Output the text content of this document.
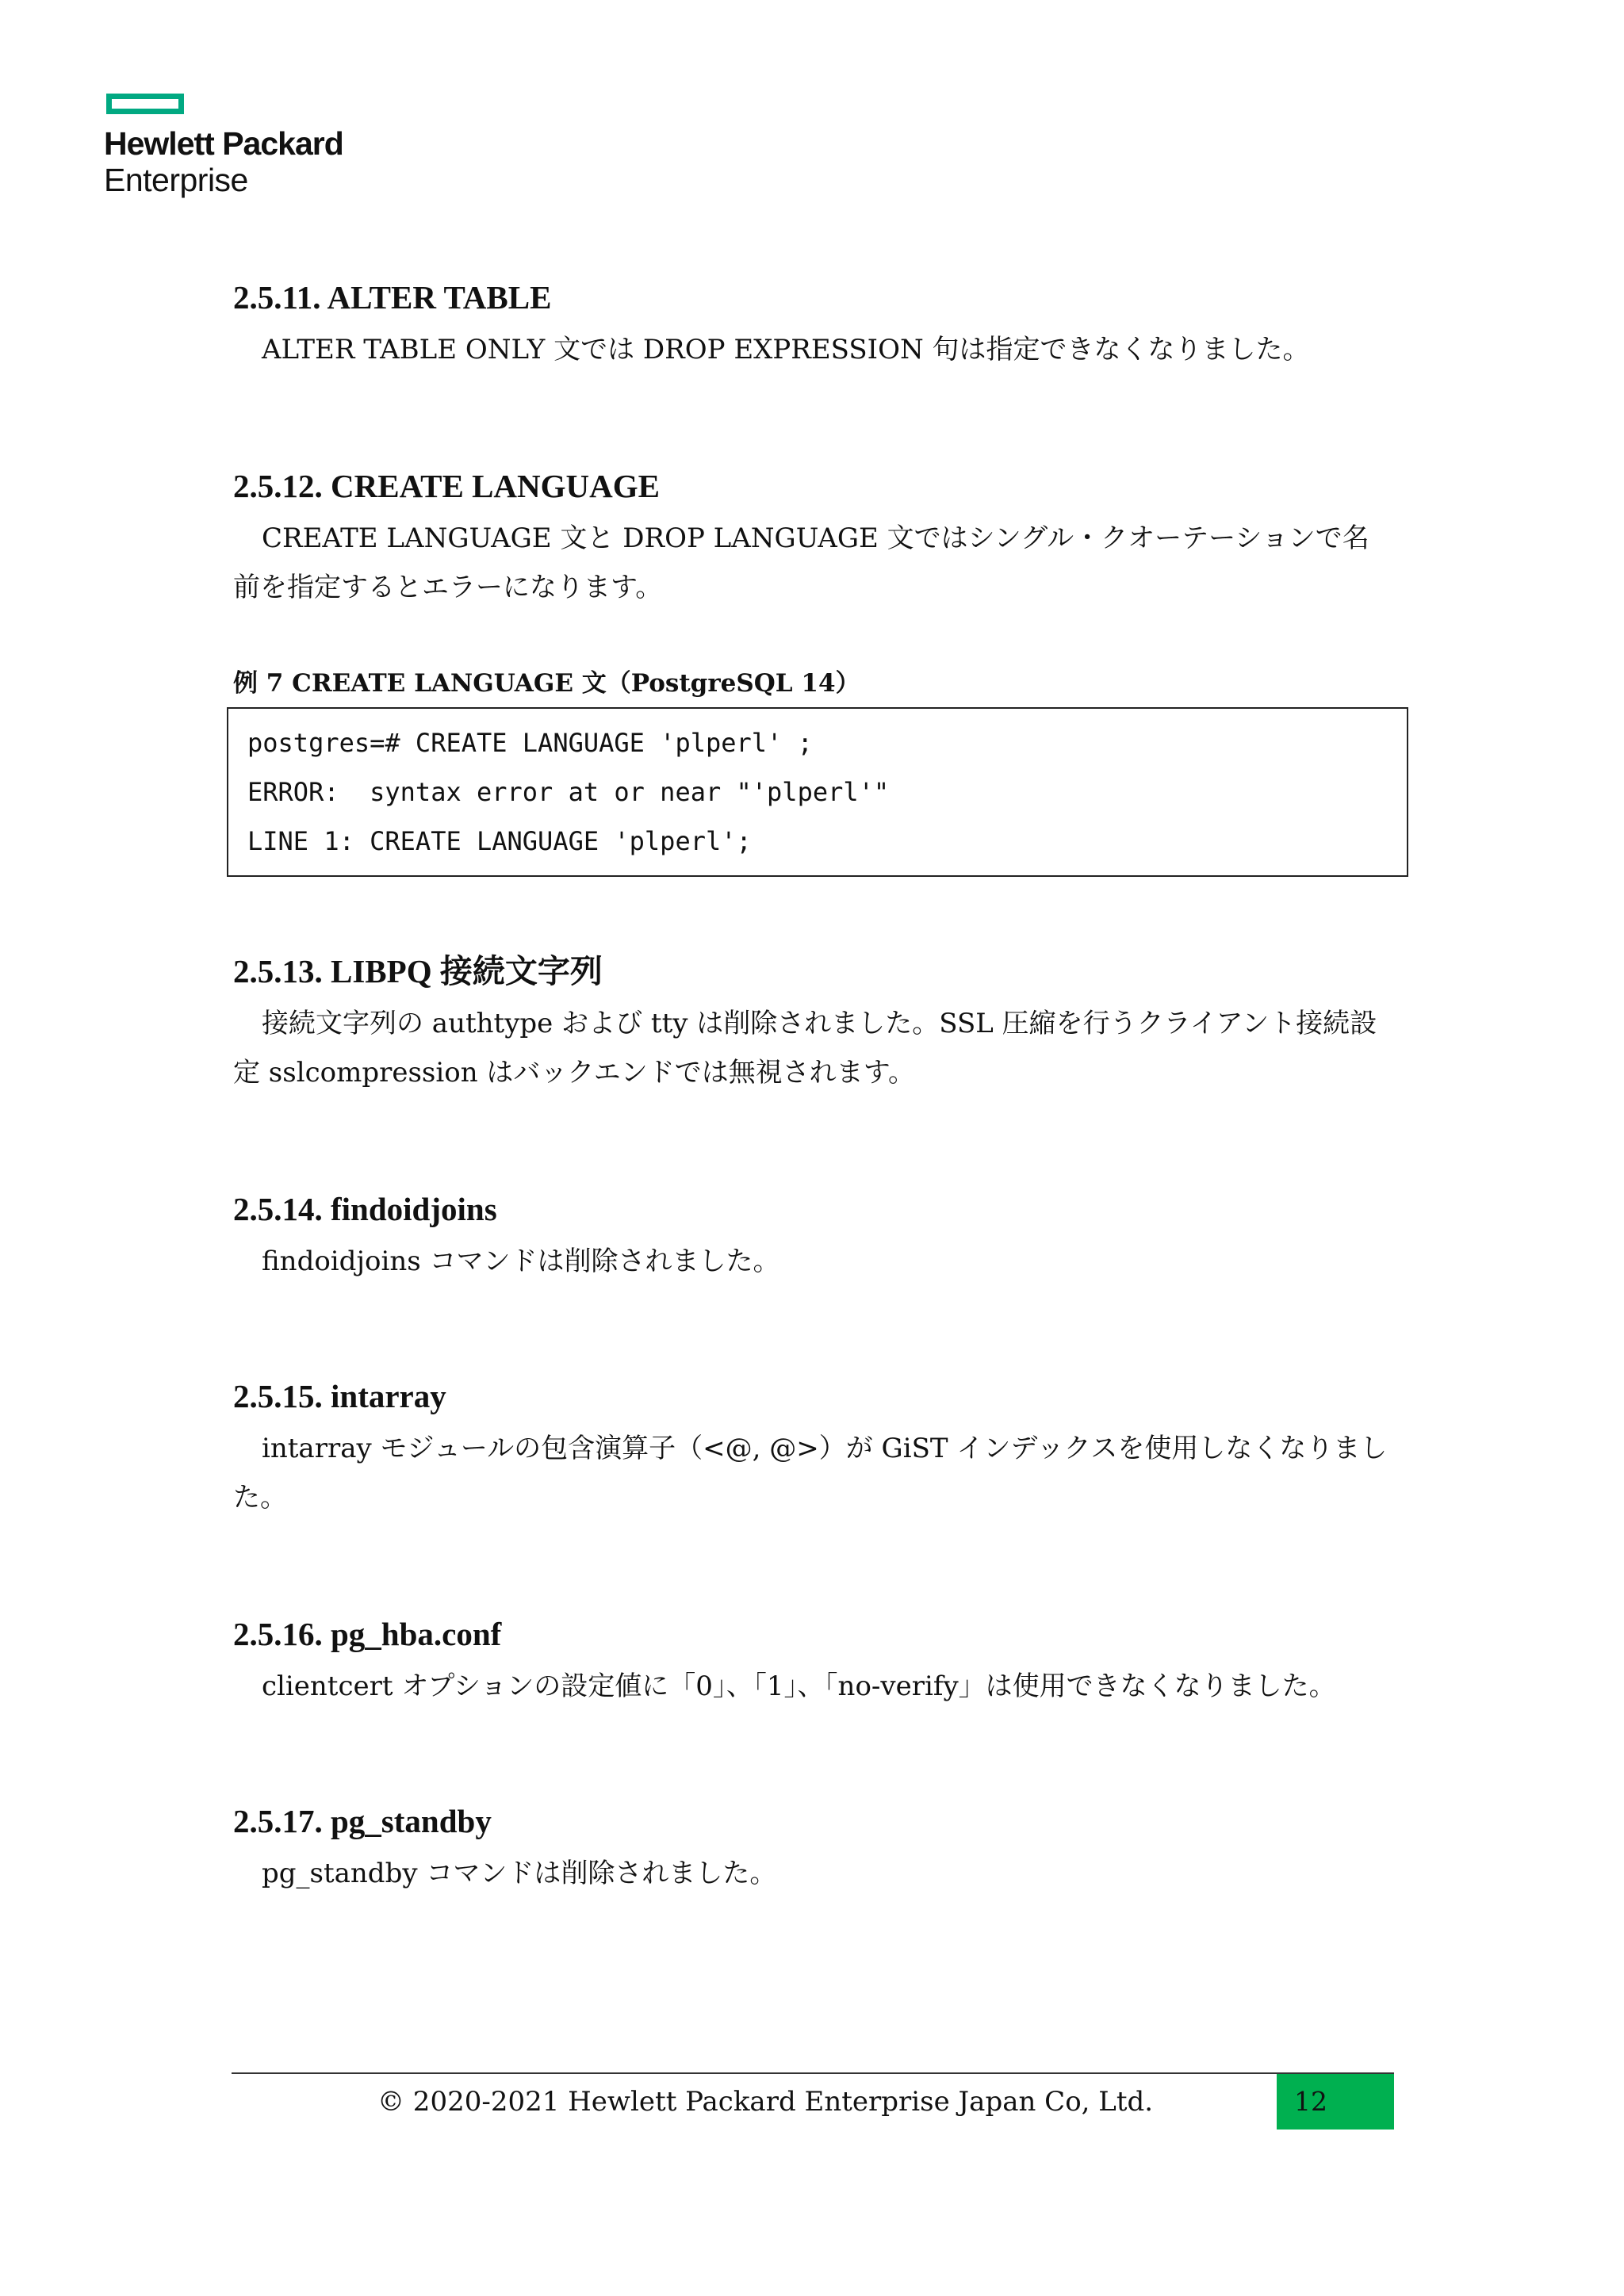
Hewlett Packard
Enterprise
2.5.11. ALTER TABLE

ALTER TABLE ONLY 文では DROP EXPRESSION 句は指定できなくなりました。

2.5.12. CREATE LANGUAGE

CREATE LANGUAGE 文と DROP LANGUAGE 文ではシングル・クオーテーションで名前を指定するとエラーになります。

例 7 CREATE LANGUAGE 文（PostgreSQL 14）
postgres=# CREATE LANGUAGE 'plperl' ;
ERROR:  syntax error at or near "'plperl'"
LINE 1: CREATE LANGUAGE 'plperl';
2.5.13. LIBPQ 接続文字列

接続文字列の authtype および tty は削除されました。SSL 圧縮を行うクライアント接続設定 sslcompression はバックエンドでは無視されます。

2.5.14. findoidjoins

findoidjoins コマンドは削除されました。

2.5.15. intarray

intarray モジュールの包含演算子（<@, @>）が GiST インデックスを使用しなくなりました。

2.5.16. pg_hba.conf

clientcert オプションの設定値に「0」、「1」、「no-verify」は使用できなくなりました。

2.5.17. pg_standby

pg_standby コマンドは削除されました。

© 2020-2021 Hewlett Packard Enterprise Japan Co, Ltd.	12
